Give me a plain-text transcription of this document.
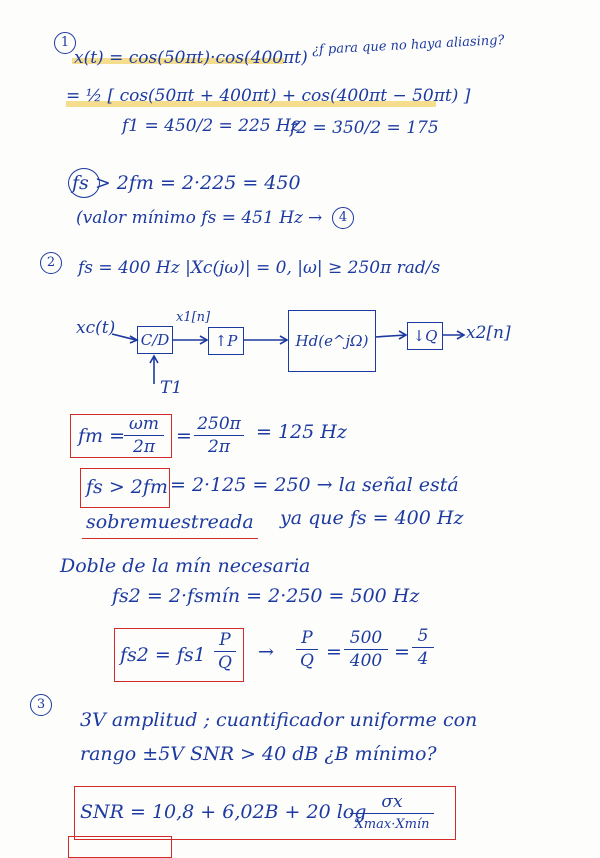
1
x(t) = cos(50πt)·cos(400πt) ¿f para que no haya aliasing?
= ½ [ cos(50πt + 400πt) + cos(400πt − 50πt) ]
f1 = 450/2 = 225 Hz
f2 = 350/2 = 175
fs > 2fm = 2·225 = 450
(valor mínimo fs = 451 Hz →	4
2	fs = 400 Hz |Xc(jω)| = 0, |ω| ≥ 250π rad/s
x1[n]
xc(t)
C/D	↑P	Hd(e^jΩ)	↓Q	x2[n]
T1
fm =
ωm
2π	=
250π
2π
= 125 Hz
fs > 2fm = 2·125 = 250 → la señal está
sobremuestreada ya que fs = 400 Hz
Doble de la mín necesaria
fs2 = 2·fsmín = 2·250 = 500 Hz
fs2 = fs1
P
Q →
P
Q =
500
400 =
5
4
3
3V amplitud ; cuantificador uniforme con
rango ±5V SNR > 40 dB ¿B mínimo?
SNR = 10,8 + 6,02B + 20 log σx
Xmax·Xmín
